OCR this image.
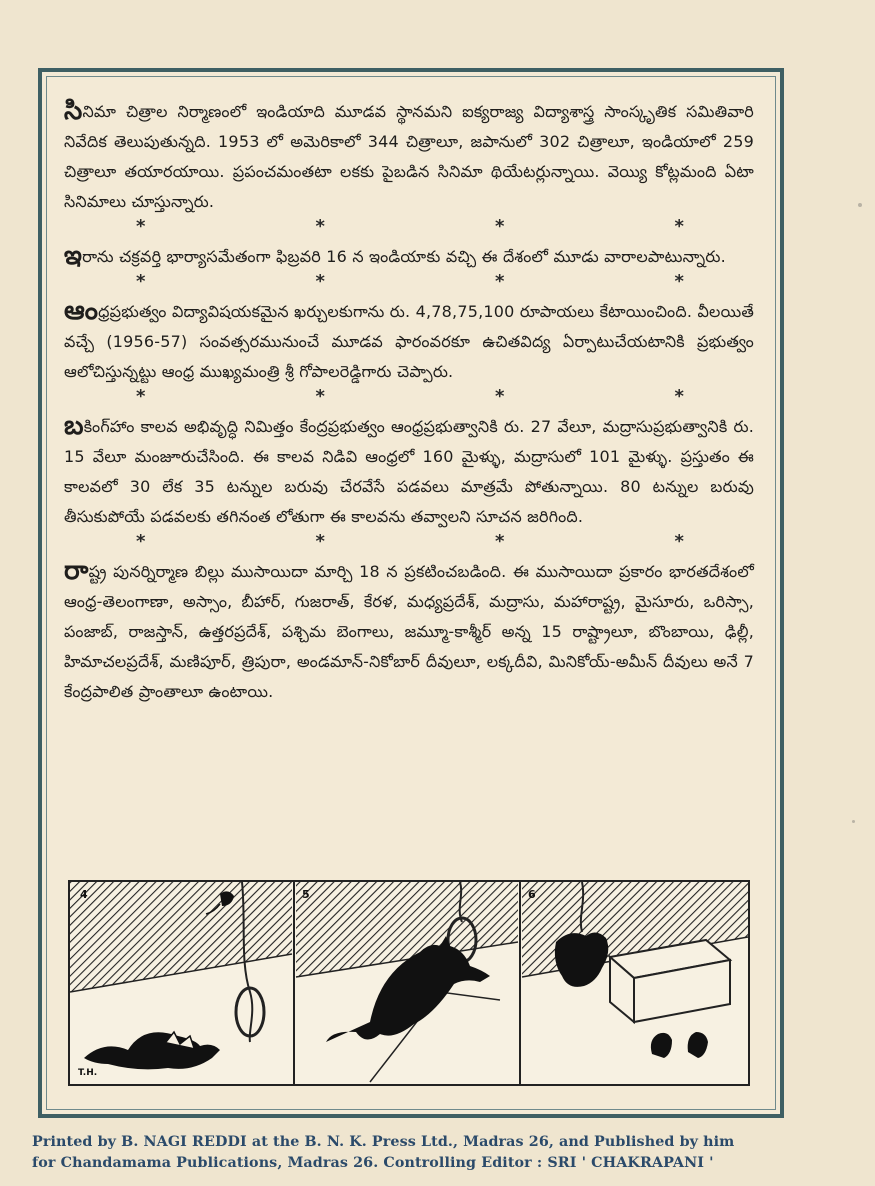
సినిమా చిత్రాల నిర్మాణంలో ఇండియాది మూడవ స్థానమని ఐక్యరాజ్య విద్యాశాస్త్ర సాంస్కృతిక సమితివారి నివేదిక తెలుపుతున్నది. 1953 లో అమెరికాలో 344 చిత్రాలూ, జపానులో 302 చిత్రాలూ, ఇండియాలో 259 చిత్రాలూ తయారయాయి. ప్రపంచమంతటా లకకు పైబడిన సినిమా థియేటర్లున్నాయి. వెయ్యి కోట్లమంది ఏటా సినిమాలు చూస్తున్నారు.

*	*	*	*

ఇరాను చక్రవర్తి భార్యాసమేతంగా ఫిబ్రవరి 16 న ఇండియాకు వచ్చి ఈ దేశంలో మూడు వారాలపాటున్నారు.

*	*	*	*

ఆంధ్రప్రభుత్వం విద్యావిషయకమైన ఖర్చులకుగాను రు. 4,78,75,100 రూపాయలు కేటాయించింది. వీలయితే వచ్చే (1956-57) సంవత్సరమునుంచే మూడవ ఫారంవరకూ ఉచితవిద్య ఏర్పాటుచేయటానికి ప్రభుత్వం ఆలోచిస్తున్నట్టు ఆంధ్ర ముఖ్యమంత్రి శ్రీ గోపాలరెడ్డిగారు చెప్పారు.

*	*	*	*

బకింగ్‌హాం కాలవ అభివృద్ధి నిమిత్తం కేంద్రప్రభుత్వం ఆంధ్రప్రభుత్వానికి రు. 27 వేలూ, మద్రాసుప్రభుత్వానికి రు. 15 వేలూ మంజూరుచేసింది. ఈ కాలవ నిడివి ఆంధ్రలో 160 మైళ్ళు, మద్రాసులో 101 మైళ్ళు. ప్రస్తుతం ఈ కాలవలో 30 లేక 35 టన్నుల బరువు చేరవేసే పడవలు మాత్రమే పోతున్నాయి. 80 టన్నుల బరువు తీసుకుపోయే పడవలకు తగినంత లోతుగా ఈ కాలవను తవ్వాలని సూచన జరిగింది.

*	*	*	*

రాష్ట్ర పునర్నిర్మాణ బిల్లు ముసాయిదా మార్చి 18 న ప్రకటించబడింది. ఈ ముసాయిదా ప్రకారం భారతదేశంలో ఆంధ్ర-తెలంగాణా, అస్సాం, బీహార్, గుజరాత్, కేరళ, మధ్యప్రదేశ్, మద్రాసు, మహారాష్ట్ర, మైసూరు, ఒరిస్సా, పంజాబ్, రాజస్తాన్, ఉత్తరప్రదేశ్, పశ్చిమ బెంగాలు, జమ్మూ-కాశ్మీర్ అన్న 15 రాష్ట్రాలూ, బొంబాయి, ఢిల్లీ, హిమాచలప్రదేశ్, మణిపూర్, త్రిపురా, అండమాన్-నికోబార్ దీవులూ, లక్కదీవి, మినికోయ్-అమీన్ దీవులు అనే 7 కేంద్రపాలిత ప్రాంతాలూ ఉంటాయి.

4	5	6
T.H.
Printed by B. NAGI REDDI at the B. N. K. Press Ltd., Madras 26, and Published by him
for Chandamama Publications, Madras 26. Controlling Editor : SRI ' CHAKRAPANI '
